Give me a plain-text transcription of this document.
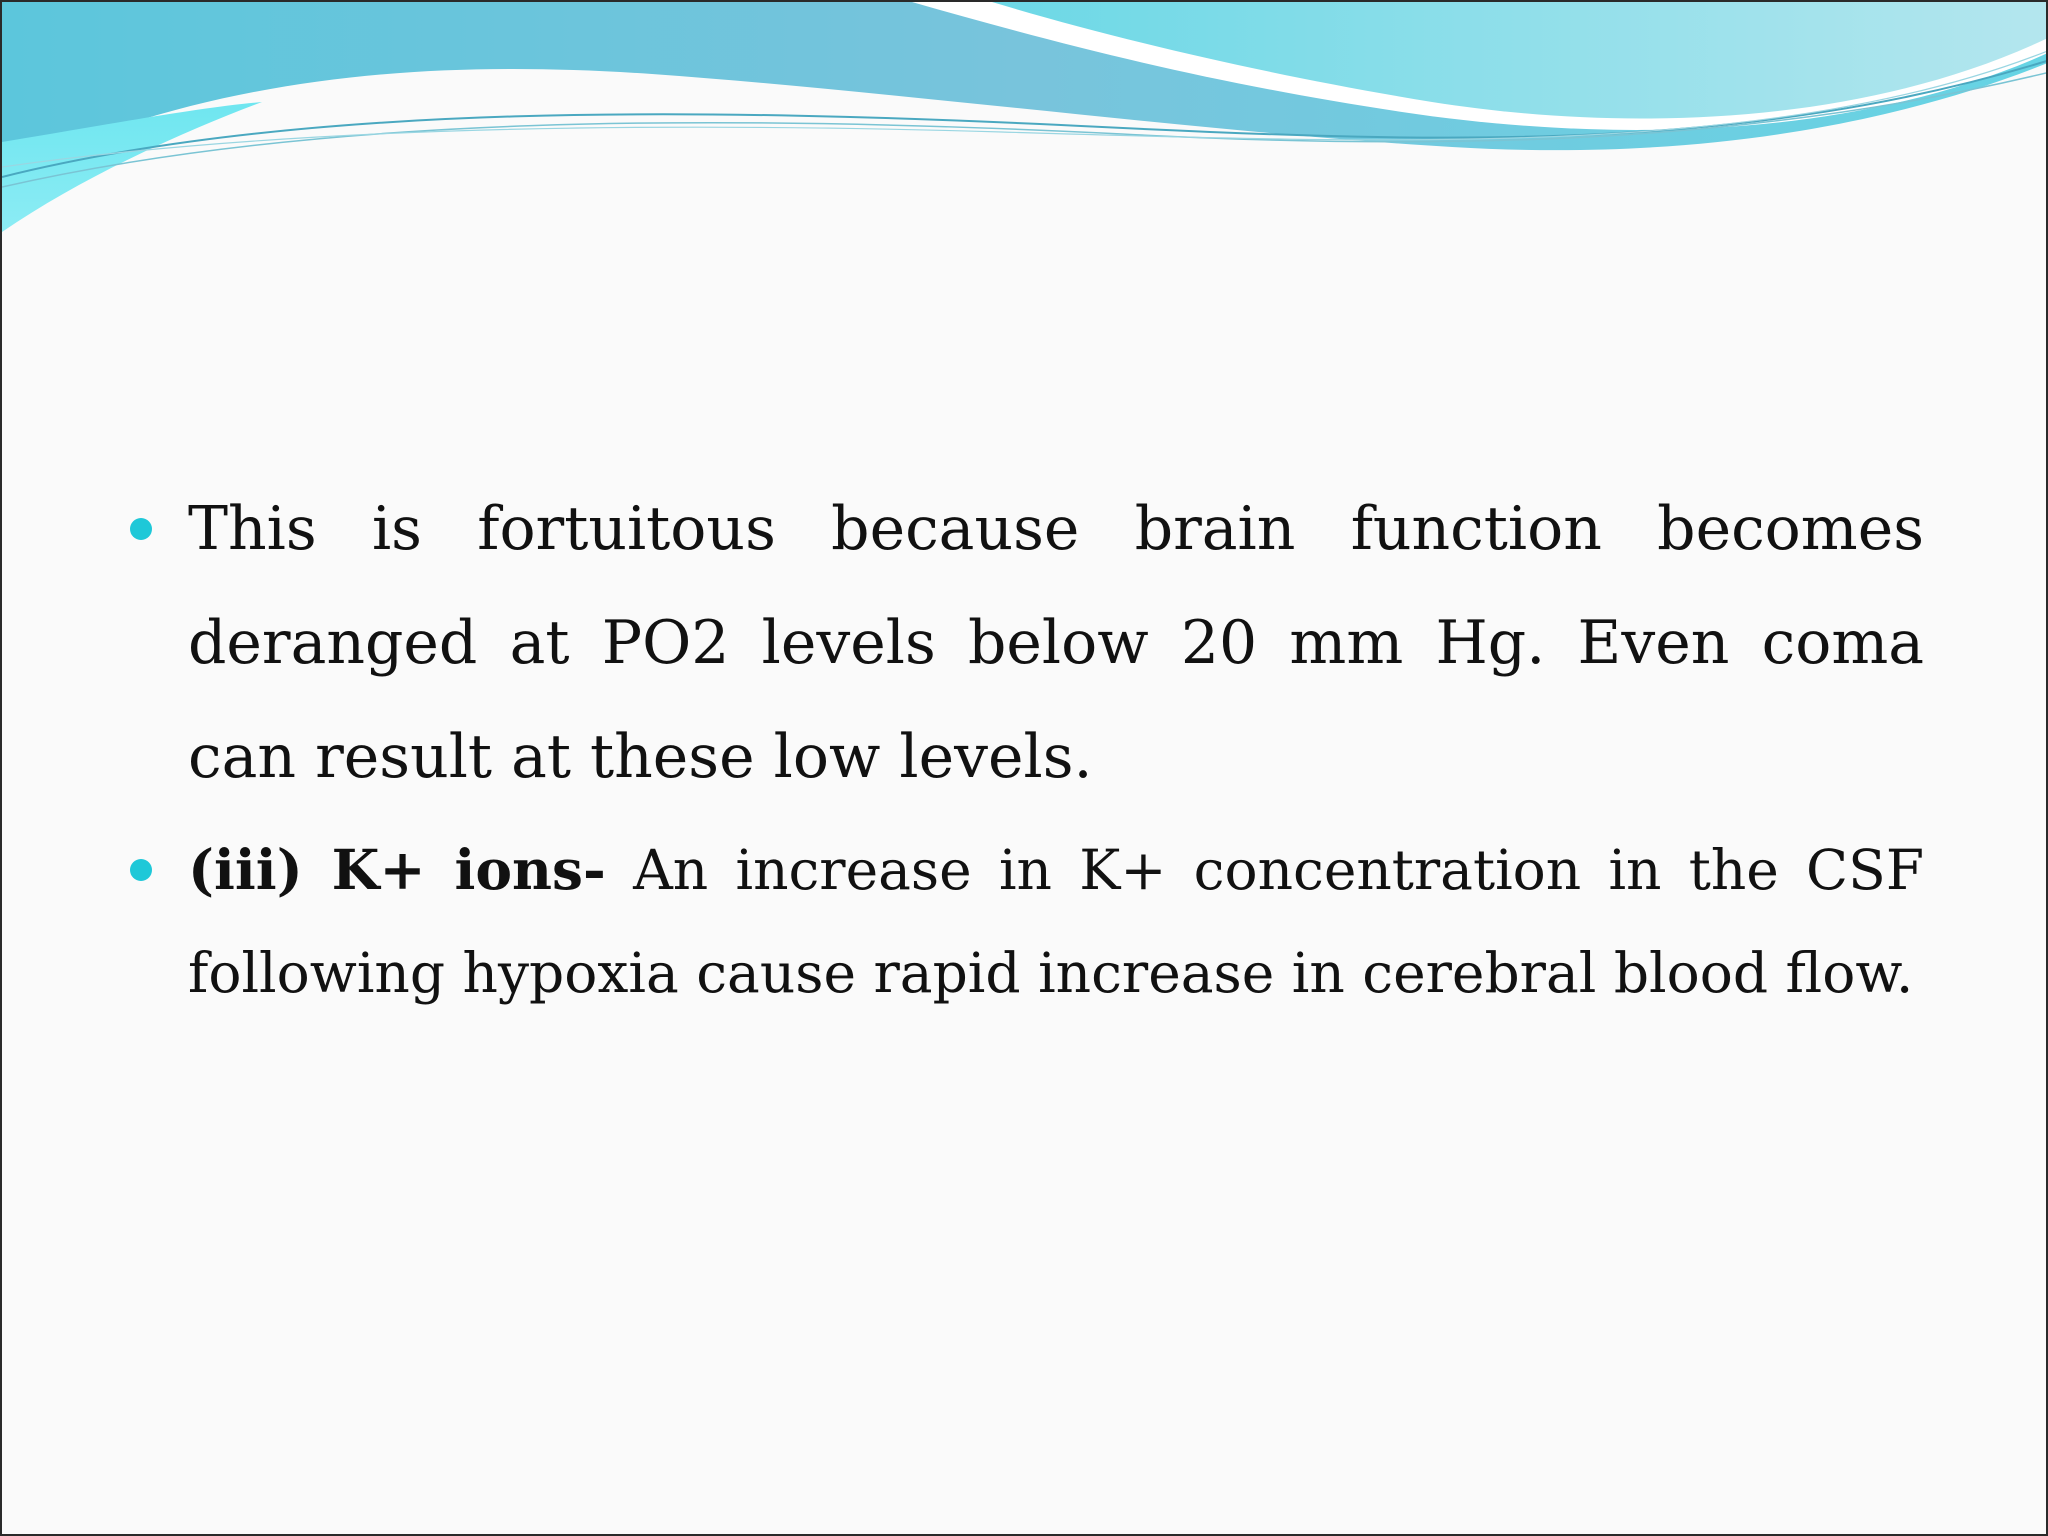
This is fortuitous because brain function becomes deranged at PO2 levels below 20 mm Hg. Even coma can result at these low levels.
(iii) K+ ions- An increase in K+ concentration in the CSF following hypoxia cause rapid increase in cerebral blood flow.
